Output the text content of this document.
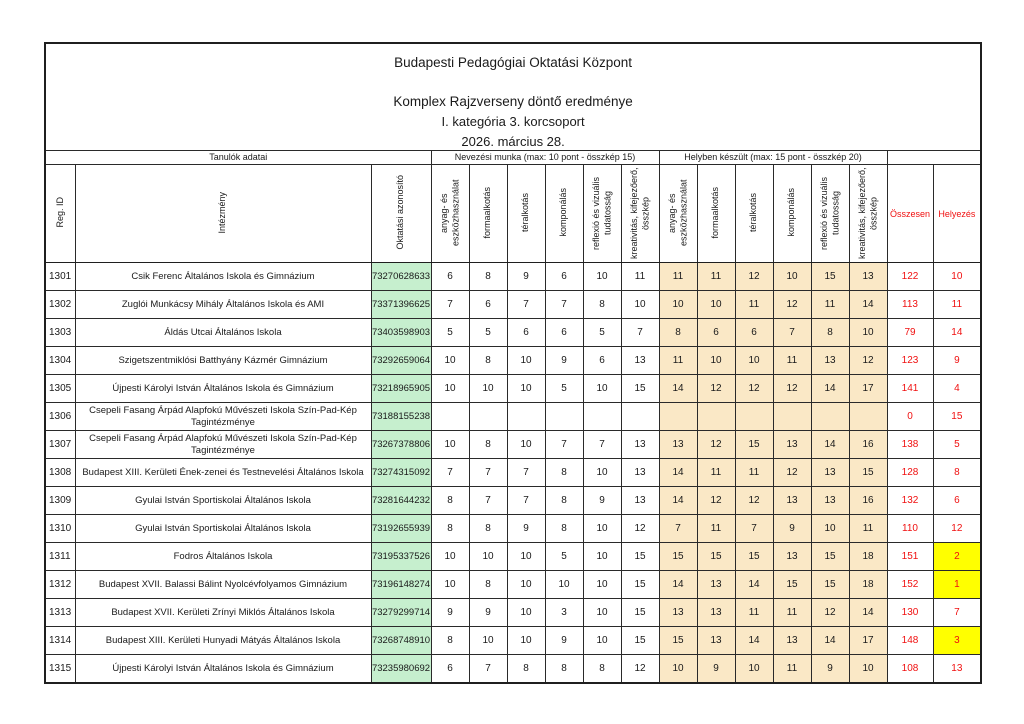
Budapesti Pedagógiai Oktatási Központ
Komplex Rajzverseny döntő eredménye
I. kategória 3. korcsoport
2026. március 28.																

Tanulók adatai			Nevezési munka (max: 10 pont - összkép 15)						Helyben készült (max: 15 pont - összkép 20)							
Reg. ID	Intézmény	Oktatási azonosító	anyag- és eszközhasználat	formaalkotás	téralkotás	komponálás	reflexió és vizuális tudatosság	kreativitás, kifejezőerő, összkép	anyag- és eszközhasználat	formaalkotás	téralkotás	komponálás	reflexió és vizuális tudatosság	kreativitás, kifejezőerő, összkép	Összesen	Helyezés
1301	Csik Ferenc Általános Iskola és Gimnázium	73270628633	6	8	9	6	10	11	11	11	12	10	15	13	122	10
1302	Zuglói Munkácsy Mihály Általános Iskola és AMI	73371396625	7	6	7	7	8	10	10	10	11	12	11	14	113	11
1303	Áldás Utcai Általános Iskola	73403598903	5	5	6	6	5	7	8	6	6	7	8	10	79	14
1304	Szigetszentmiklósi Batthyány Kázmér Gimnázium	73292659064	10	8	10	9	6	13	11	10	10	11	13	12	123	9
1305	Újpesti Károlyi István Általános Iskola és Gimnázium	73218965905	10	10	10	5	10	15	14	12	12	12	14	17	141	4
1306	Csepeli Fasang Árpád Alapfokú Művészeti Iskola Szín-Pad-Kép Tagintézménye	73188155238													0	15
1307	Csepeli Fasang Árpád Alapfokú Művészeti Iskola Szín-Pad-Kép Tagintézménye	73267378806	10	8	10	7	7	13	13	12	15	13	14	16	138	5
1308	Budapest XIII. Kerületi Ének-zenei és Testnevelési Általános Iskola	73274315092	7	7	7	8	10	13	14	11	11	12	13	15	128	8
1309	Gyulai István Sportiskolai Általános Iskola	73281644232	8	7	7	8	9	13	14	12	12	13	13	16	132	6
1310	Gyulai István Sportiskolai Általános Iskola	73192655939	8	8	9	8	10	12	7	11	7	9	10	11	110	12
1311	Fodros Általános Iskola	73195337526	10	10	10	5	10	15	15	15	15	13	15	18	151	2
1312	Budapest XVII. Balassi Bálint Nyolcévfolyamos Gimnázium	73196148274	10	8	10	10	10	15	14	13	14	15	15	18	152	1
1313	Budapest XVII. Kerületi Zrínyi Miklós Általános Iskola	73279299714	9	9	10	3	10	15	13	13	11	11	12	14	130	7
1314	Budapest XIII. Kerületi Hunyadi Mátyás Általános Iskola	73268748910	8	10	10	9	10	15	15	13	14	13	14	17	148	3
1315	Újpesti Károlyi István Általános Iskola és Gimnázium	73235980692	6	7	8	8	8	12	10	9	10	11	9	10	108	13
